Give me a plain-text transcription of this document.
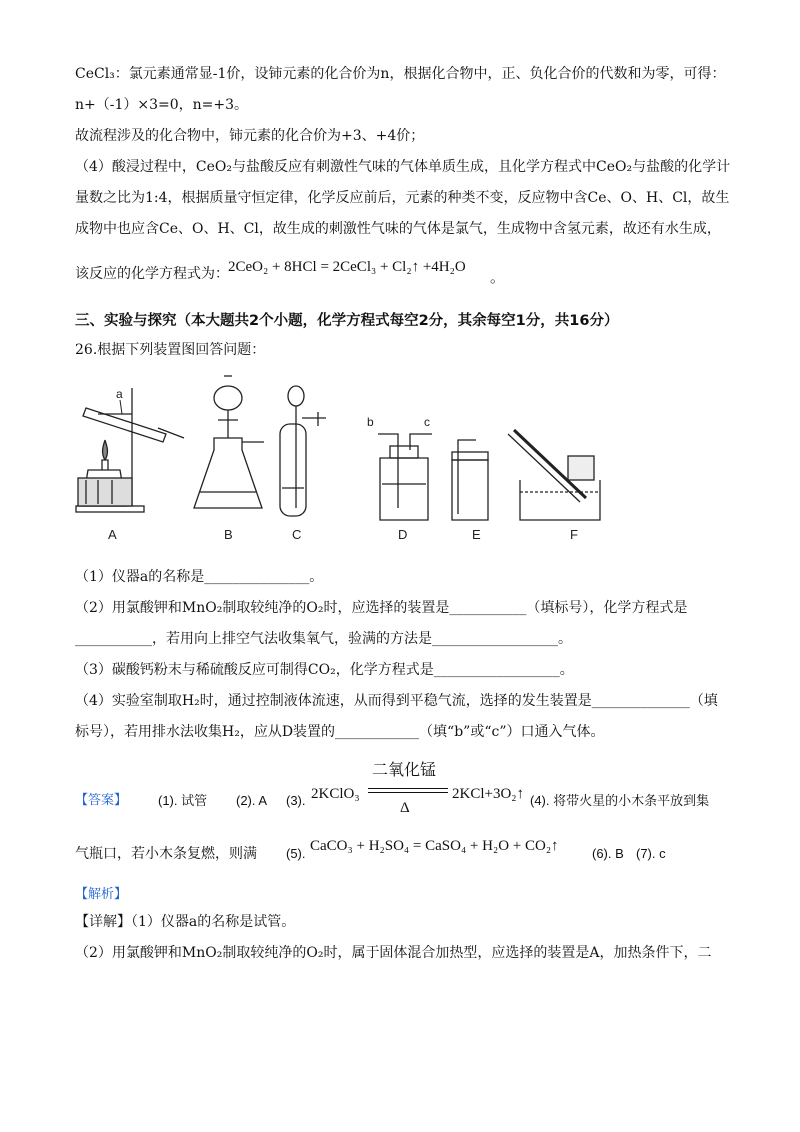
CeCl₃：氯元素通常显-1价，设铈元素的化合价为n，根据化合物中，正、负化合价的代数和为零，可得：
n+（-1）×3=0，n=+3。
故流程涉及的化合物中，铈元素的化合价为+3、+4价；
（4）酸浸过程中，CeO₂与盐酸反应有刺激性气味的气体单质生成，且化学方程式中CeO₂与盐酸的化学计
量数之比为1:4，根据质量守恒定律，化学反应前后，元素的种类不变，反应物中含Ce、O、H、Cl，故生
成物中也应含Ce、O、H、Cl，故生成的刺激性气味的气体是氯气，生成物中含氢元素，故还有水生成，
该反应的化学方程式为： 2CeO₂ + 8HCl = 2CeCl₃ + Cl₂↑ +4H₂O
。
三、实验与探究（本大题共2个小题，化学方程式每空2分，其余每空1分，共16分）
26.根据下列装置图回答问题：
a
b	c
A	B	C	D	E	F
（1）仪器a的名称是_______________。
（2）用氯酸钾和MnO₂制取较纯净的O₂时，应选择的装置是___________（填标号），化学方程式是
___________，若用向上排空气法收集氧气，验满的方法是__________________。
（3）碳酸钙粉末与稀硫酸反应可制得CO₂，化学方程式是__________________。
（4）实验室制取H₂时，通过控制液体流速，从而得到平稳气流，选择的发生装置是______________（填
标号），若用排水法收集H₂，应从D装置的____________（填“b”或“c”）口通入气体。
【答案】 (1). 试管 (2). A (3). 2KClO₃
二氧化锰
Δ
2KCl+3O₂↑ (4). 将带火星的小木条平放到集
气瓶口，若小木条复燃，则满 (5). CaCO₃ + H₂SO₄ = CaSO₄ + H₂O + CO₂↑	(6). B (7). c
【解析】
【详解】（1）仪器a的名称是试管。
（2）用氯酸钾和MnO₂制取较纯净的O₂时，属于固体混合加热型，应选择的装置是A，加热条件下，二
